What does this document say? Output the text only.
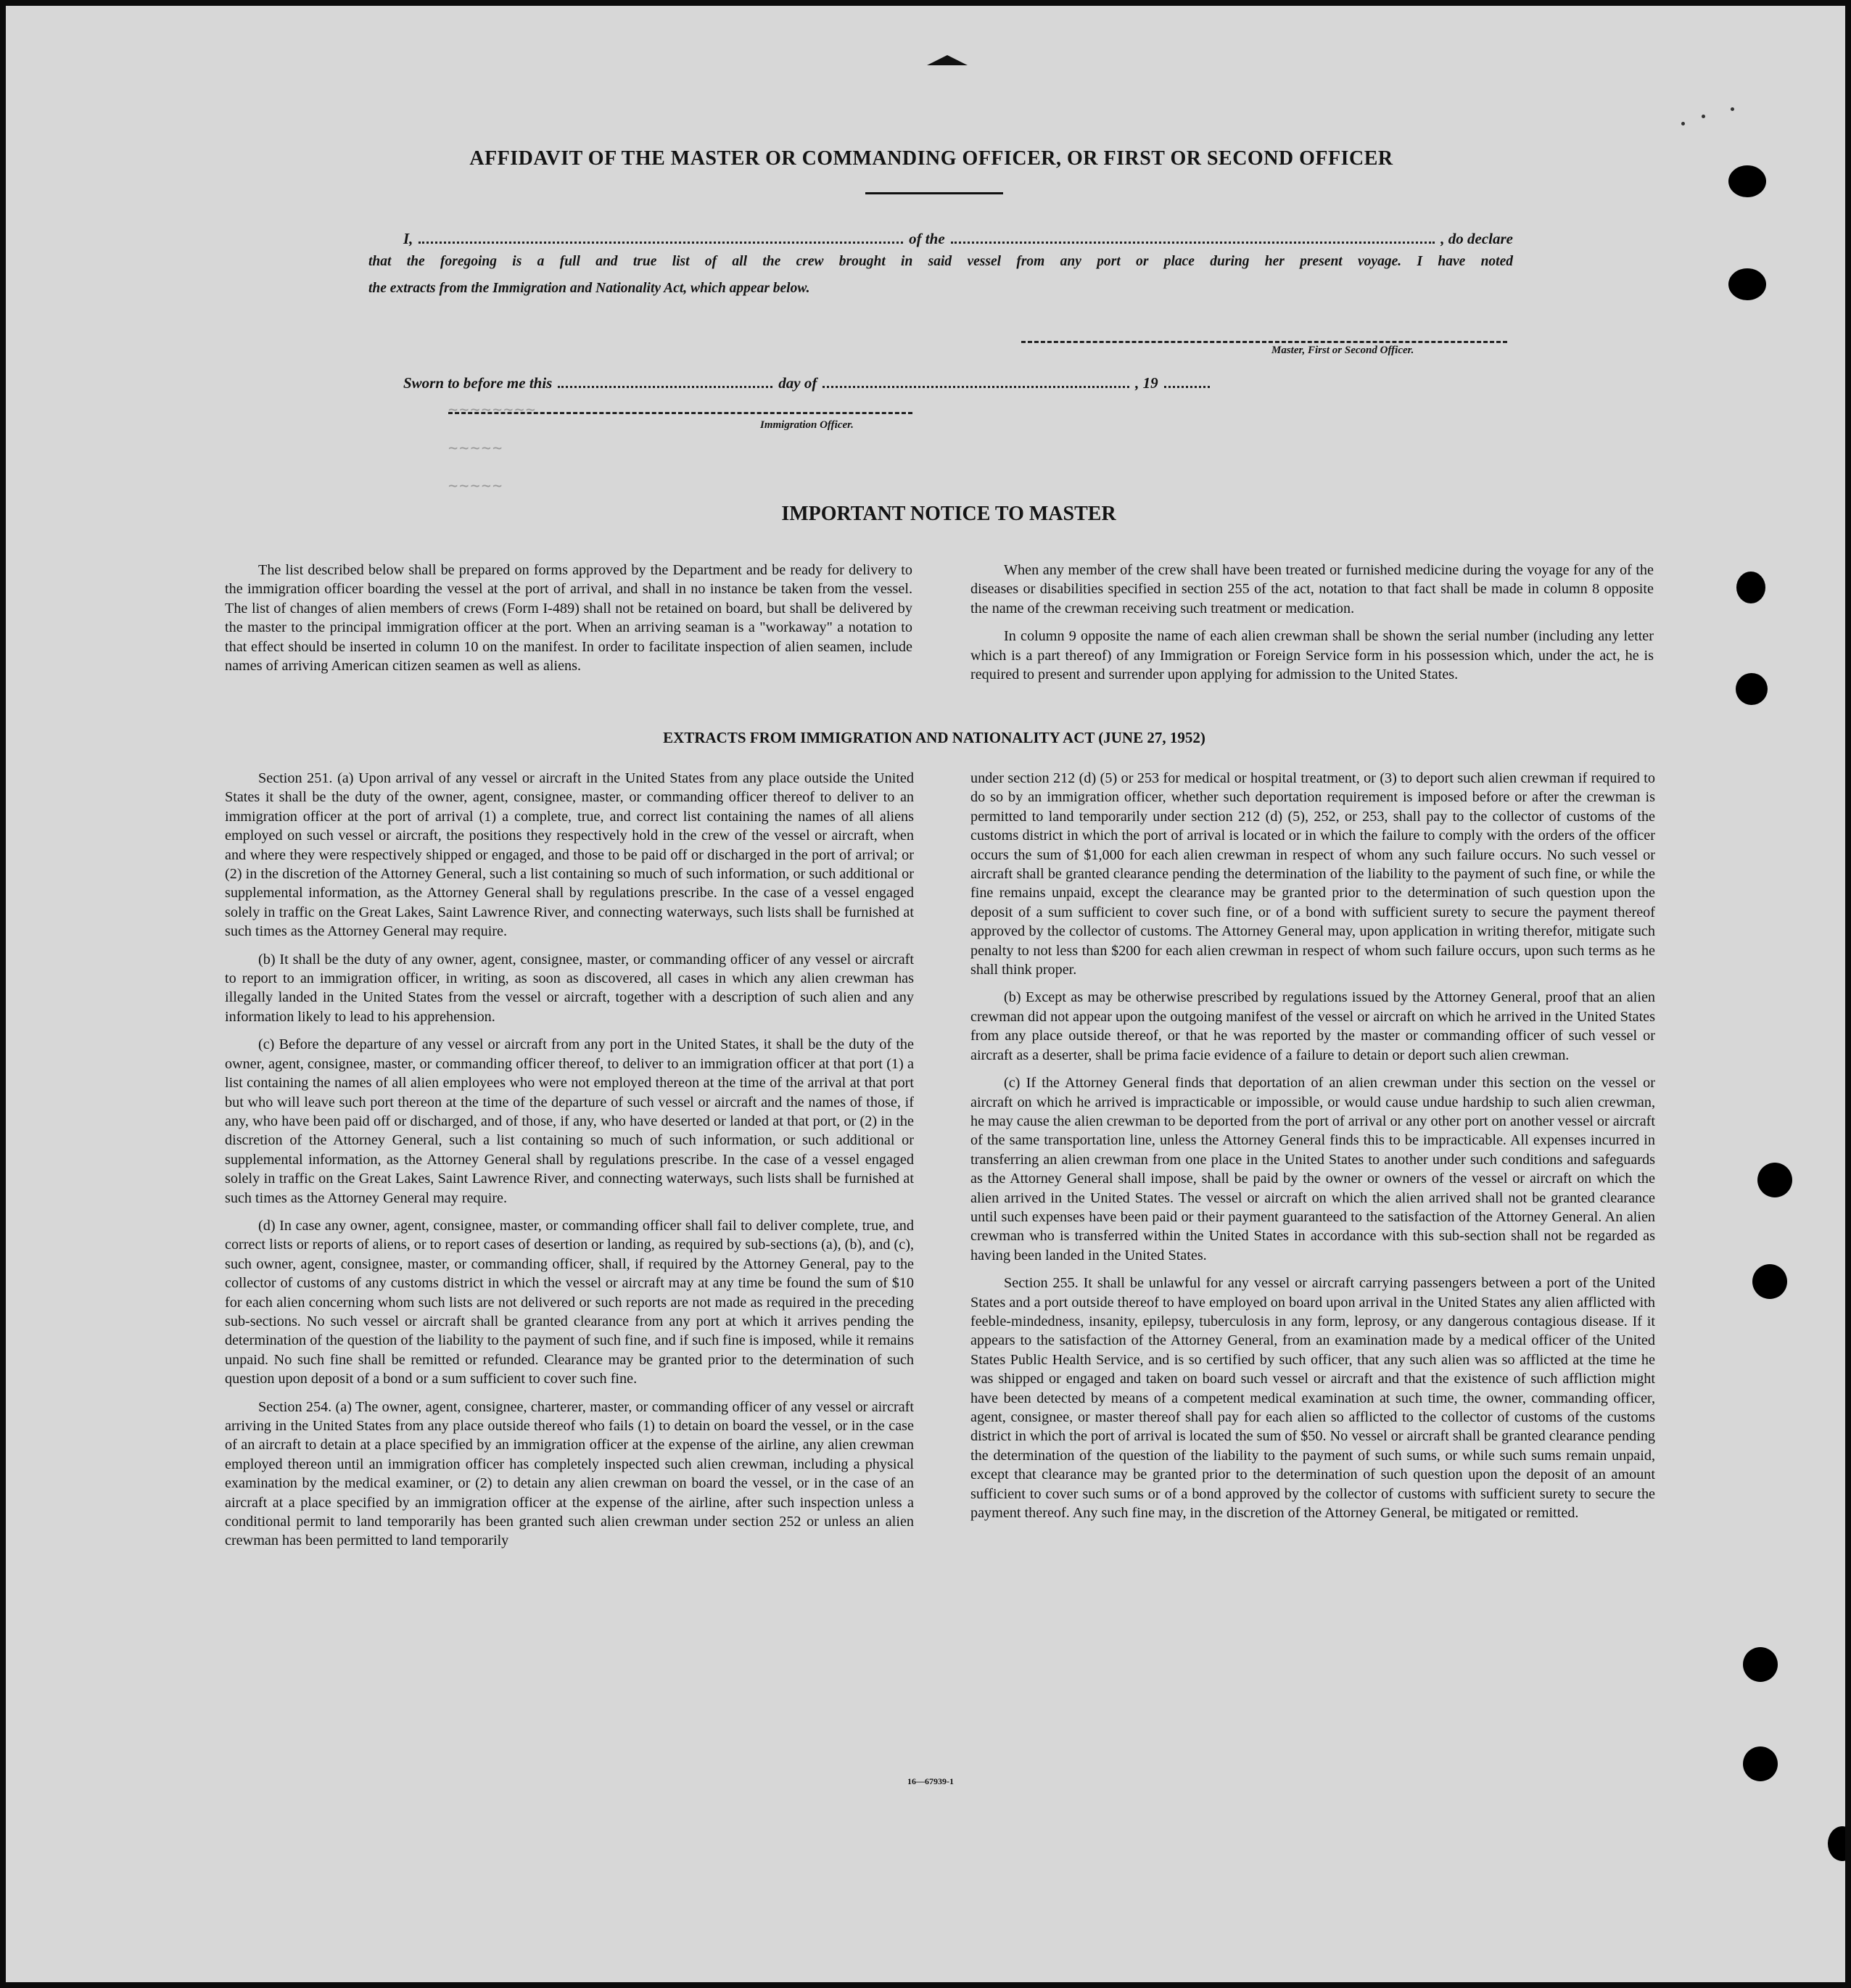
AFFIDAVIT OF THE MASTER OR COMMANDING OFFICER, OR FIRST OR SECOND OFFICER
I,	of the	, do declare
that the foregoing is a full and true list of all the crew brought in said vessel from any port or place during her present voyage. I have noted
the extracts from the Immigration and Nationality Act, which appear below.
Master, First or Second Officer.
Sworn to before me this	day of	, 19
Immigration Officer.
~~~~~~~~
~~~~~
~~~~~
IMPORTANT NOTICE TO MASTER

The list described below shall be prepared on forms approved by the Department and be ready for delivery to the immigration officer boarding the vessel at the port of arrival, and shall in no instance be taken from the vessel. The list of changes of alien members of crews (Form I-489) shall not be retained on board, but shall be delivered by the master to the principal immigration officer at the port. When an arriving seaman is a "workaway" a notation to that effect should be inserted in column 10 on the manifest. In order to facilitate inspection of alien seamen, include names of arriving American citizen seamen as well as aliens.

When any member of the crew shall have been treated or furnished medicine during the voyage for any of the diseases or disabilities specified in section 255 of the act, notation to that fact shall be made in column 8 opposite the name of the crewman receiving such treatment or medication.

In column 9 opposite the name of each alien crewman shall be shown the serial number (including any letter which is a part thereof) of any Immigration or Foreign Service form in his possession which, under the act, he is required to present and surrender upon applying for admission to the United States.

EXTRACTS FROM IMMIGRATION AND NATIONALITY ACT (JUNE 27, 1952)

Section 251. (a) Upon arrival of any vessel or aircraft in the United States from any place outside the United States it shall be the duty of the owner, agent, consignee, master, or commanding officer thereof to deliver to an immigration officer at the port of arrival (1) a complete, true, and correct list containing the names of all aliens employed on such vessel or aircraft, the positions they respectively hold in the crew of the vessel or aircraft, when and where they were respectively shipped or engaged, and those to be paid off or discharged in the port of arrival; or (2) in the discretion of the Attorney General, such a list containing so much of such information, or such additional or supplemental information, as the Attorney General shall by regulations prescribe. In the case of a vessel engaged solely in traffic on the Great Lakes, Saint Lawrence River, and connecting waterways, such lists shall be furnished at such times as the Attorney General may require.

(b) It shall be the duty of any owner, agent, consignee, master, or commanding officer of any vessel or aircraft to report to an immigration officer, in writing, as soon as discovered, all cases in which any alien crewman has illegally landed in the United States from the vessel or aircraft, together with a description of such alien and any information likely to lead to his apprehension.

(c) Before the departure of any vessel or aircraft from any port in the United States, it shall be the duty of the owner, agent, consignee, master, or commanding officer thereof, to deliver to an immigration officer at that port (1) a list containing the names of all alien employees who were not employed thereon at the time of the arrival at that port but who will leave such port thereon at the time of the departure of such vessel or aircraft and the names of those, if any, who have been paid off or discharged, and of those, if any, who have deserted or landed at that port, or (2) in the discretion of the Attorney General, such a list containing so much of such information, or such additional or supplemental information, as the Attorney General shall by regulations prescribe. In the case of a vessel engaged solely in traffic on the Great Lakes, Saint Lawrence River, and connecting waterways, such lists shall be furnished at such times as the Attorney General may require.

(d) In case any owner, agent, consignee, master, or commanding officer shall fail to deliver complete, true, and correct lists or reports of aliens, or to report cases of desertion or landing, as required by sub-sections (a), (b), and (c), such owner, agent, consignee, master, or commanding officer, shall, if required by the Attorney General, pay to the collector of customs of any customs district in which the vessel or aircraft may at any time be found the sum of $10 for each alien concerning whom such lists are not delivered or such reports are not made as required in the preceding sub-sections. No such vessel or aircraft shall be granted clearance from any port at which it arrives pending the determination of the question of the liability to the payment of such fine, and if such fine is imposed, while it remains unpaid. No such fine shall be remitted or refunded. Clearance may be granted prior to the determination of such question upon deposit of a bond or a sum sufficient to cover such fine.

Section 254. (a) The owner, agent, consignee, charterer, master, or commanding officer of any vessel or aircraft arriving in the United States from any place outside thereof who fails (1) to detain on board the vessel, or in the case of an aircraft to detain at a place specified by an immigration officer at the expense of the airline, any alien crewman employed thereon until an immigration officer has completely inspected such alien crewman, including a physical examination by the medical examiner, or (2) to detain any alien crewman on board the vessel, or in the case of an aircraft at a place specified by an immigration officer at the expense of the airline, after such inspection unless a conditional permit to land temporarily has been granted such alien crewman under section 252 or unless an alien crewman has been permitted to land temporarily

under section 212 (d) (5) or 253 for medical or hospital treatment, or (3) to deport such alien crewman if required to do so by an immigration officer, whether such deportation requirement is imposed before or after the crewman is permitted to land temporarily under section 212 (d) (5), 252, or 253, shall pay to the collector of customs of the customs district in which the port of arrival is located or in which the failure to comply with the orders of the officer occurs the sum of $1,000 for each alien crewman in respect of whom any such failure occurs. No such vessel or aircraft shall be granted clearance pending the determination of the liability to the payment of such fine, or while the fine remains unpaid, except the clearance may be granted prior to the determination of such question upon the deposit of a sum sufficient to cover such fine, or of a bond with sufficient surety to secure the payment thereof approved by the collector of customs. The Attorney General may, upon application in writing therefor, mitigate such penalty to not less than $200 for each alien crewman in respect of whom such failure occurs, upon such terms as he shall think proper.

(b) Except as may be otherwise prescribed by regulations issued by the Attorney General, proof that an alien crewman did not appear upon the outgoing manifest of the vessel or aircraft on which he arrived in the United States from any place outside thereof, or that he was reported by the master or commanding officer of such vessel or aircraft as a deserter, shall be prima facie evidence of a failure to detain or deport such alien crewman.

(c) If the Attorney General finds that deportation of an alien crewman under this section on the vessel or aircraft on which he arrived is impracticable or impossible, or would cause undue hardship to such alien crewman, he may cause the alien crewman to be deported from the port of arrival or any other port on another vessel or aircraft of the same transportation line, unless the Attorney General finds this to be impracticable. All expenses incurred in transferring an alien crewman from one place in the United States to another under such conditions and safeguards as the Attorney General shall impose, shall be paid by the owner or owners of the vessel or aircraft on which the alien arrived in the United States. The vessel or aircraft on which the alien arrived shall not be granted clearance until such expenses have been paid or their payment guaranteed to the satisfaction of the Attorney General. An alien crewman who is transferred within the United States in accordance with this sub-section shall not be regarded as having been landed in the United States.

Section 255. It shall be unlawful for any vessel or aircraft carrying passengers between a port of the United States and a port outside thereof to have employed on board upon arrival in the United States any alien afflicted with feeble-mindedness, insanity, epilepsy, tuberculosis in any form, leprosy, or any dangerous contagious disease. If it appears to the satisfaction of the Attorney General, from an examination made by a medical officer of the United States Public Health Service, and is so certified by such officer, that any such alien was so afflicted at the time he was shipped or engaged and taken on board such vessel or aircraft and that the existence of such affliction might have been detected by means of a competent medical examination at such time, the owner, commanding officer, agent, consignee, or master thereof shall pay for each alien so afflicted to the collector of customs of the customs district in which the port of arrival is located the sum of $50. No vessel or aircraft shall be granted clearance pending the determination of the question of the liability to the payment of such sums, or while such sums remain unpaid, except that clearance may be granted prior to the determination of such question upon the deposit of an amount sufficient to cover such sums or of a bond approved by the collector of customs with sufficient surety to secure the payment thereof. Any such fine may, in the discretion of the Attorney General, be mitigated or remitted.

16—67939-1
